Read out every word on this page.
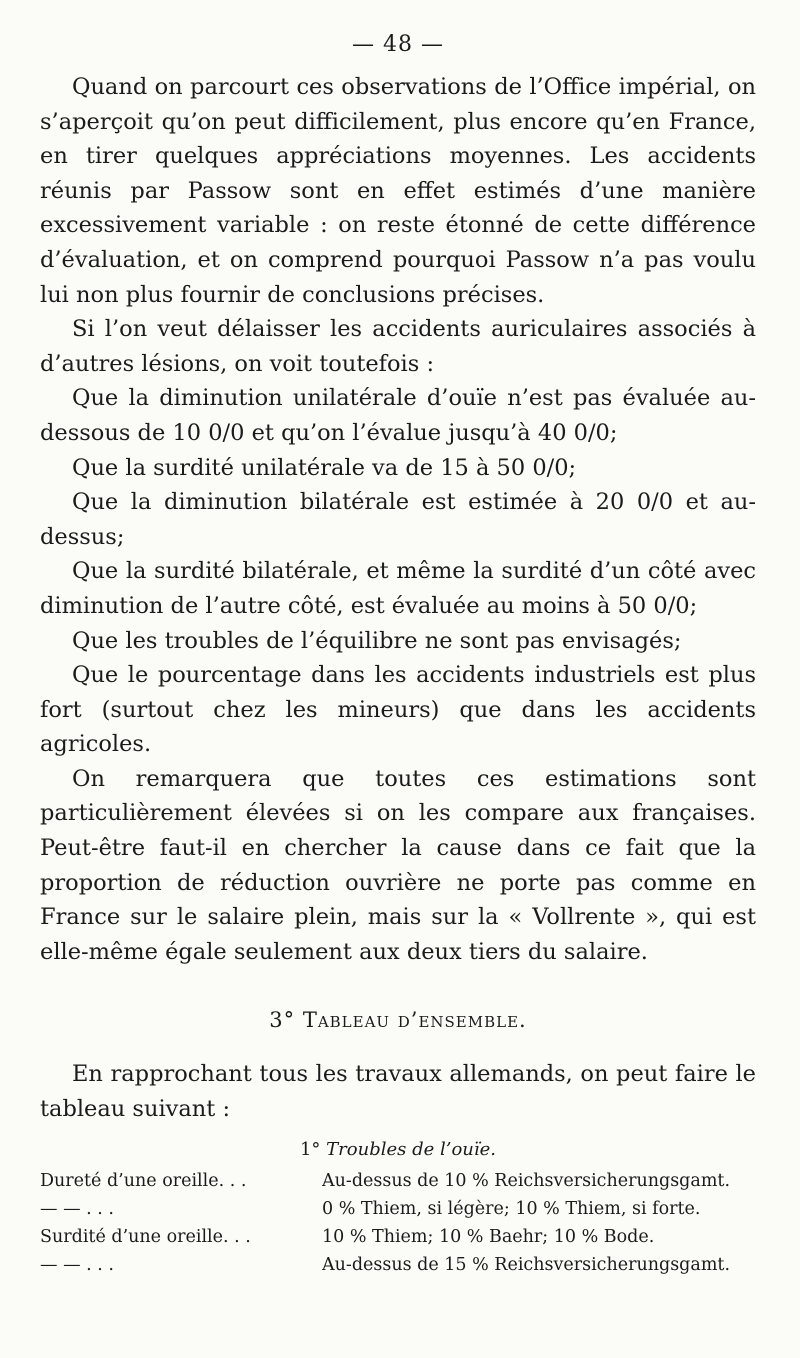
— 48 —

Quand on parcourt ces observations de l’Office impérial, on s’aperçoit qu’on peut difficilement, plus encore qu’en France, en tirer quelques appréciations moyennes. Les accidents réunis par Passow sont en effet estimés d’une manière excessivement variable : on reste étonné de cette différence d’évaluation, et on comprend pourquoi Passow n’a pas voulu lui non plus fournir de conclusions précises.

Si l’on veut délaisser les accidents auriculaires associés à d’autres lésions, on voit toutefois :

Que la diminution unilatérale d’ouïe n’est pas évaluée au-dessous de 10 0/0 et qu’on l’évalue jusqu’à 40 0/0;

Que la surdité unilatérale va de 15 à 50 0/0;

Que la diminution bilatérale est estimée à 20 0/0 et au-dessus;

Que la surdité bilatérale, et même la surdité d’un côté avec diminution de l’autre côté, est évaluée au moins à 50 0/0;

Que les troubles de l’équilibre ne sont pas envisagés;

Que le pourcentage dans les accidents industriels est plus fort (surtout chez les mineurs) que dans les accidents agricoles.

On remarquera que toutes ces estimations sont particulièrement élevées si on les compare aux françaises. Peut-être faut-il en chercher la cause dans ce fait que la proportion de réduction ouvrière ne porte pas comme en France sur le salaire plein, mais sur la « Vollrente », qui est elle-même égale seulement aux deux tiers du salaire.

3° Tableau d’ensemble.

En rapprochant tous les travaux allemands, on peut faire le tableau suivant :

1° Troubles de l’ouïe.
Dureté d’une oreille. . .	Au-dessus de 10 % Reichsversicherungsgamt.
— — . . .	0 % Thiem, si légère; 10 % Thiem, si forte.
Surdité d’une oreille. . .	10 % Thiem; 10 % Baehr; 10 % Bode.
— — . . .	Au-dessus de 15 % Reichsversicherungsgamt.
